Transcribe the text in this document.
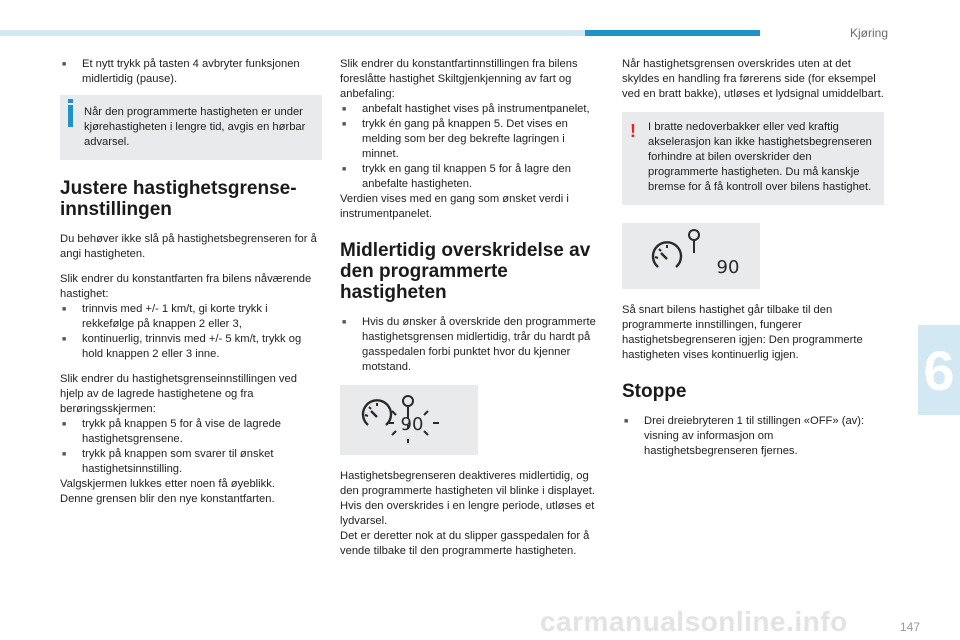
Kjøring
6

■ Et nytt trykk på tasten 4 avbryter funksjonen midlertidig (pause).

Når den programmerte hastigheten er under kjørehastigheten i lengre tid, avgis en hørbar advarsel.
Justere hastighetsgrense-innstillingen

Du behøver ikke slå på hastighetsbegrenseren for å angi hastigheten.

Slik endrer du konstantfarten fra bilens nåværende hastighet:

■ trinnvis med +/- 1 km/t, gi korte trykk i rekkefølge på knappen 2 eller 3,

■ kontinuerlig, trinnvis med +/- 5 km/t, trykk og hold knappen 2 eller 3 inne.

Slik endrer du hastighetsgrenseinnstillingen ved hjelp av de lagrede hastighetene og fra berøringsskjermen:

■ trykk på knappen 5 for å vise de lagrede hastighetsgrensene.

■ trykk på knappen som svarer til ønsket hastighetsinnstilling.

Valgskjermen lukkes etter noen få øyeblikk.

Denne grensen blir den nye konstantfarten.

Slik endrer du konstantfartinnstillingen fra bilens foreslåtte hastighet Skiltgjenkjenning av fart og anbefaling:

■ anbefalt hastighet vises på instrumentpanelet,

■ trykk én gang på knappen 5. Det vises en melding som ber deg bekrefte lagringen i minnet.

■ trykk en gang til knappen 5 for å lagre den anbefalte hastigheten.

Verdien vises med en gang som ønsket verdi i instrumentpanelet.

Midlertidig overskridelse av den programmerte hastigheten

■ Hvis du ønsker å overskride den programmerte hastighetsgrensen midlertidig, trår du hardt på gasspedalen forbi punktet hvor du kjenner motstand.

90

Hastighetsbegrenseren deaktiveres midlertidig, og den programmerte hastigheten vil blinke i displayet.

Hvis den overskrides i en lengre periode, utløses et lydvarsel.

Det er deretter nok at du slipper gasspedalen for å vende tilbake til den programmerte hastigheten.

Når hastighetsgrensen overskrides uten at det skyldes en handling fra førerens side (for eksempel ved en bratt bakke), utløses et lydsignal umiddelbart.

! I bratte nedoverbakker eller ved kraftig akselerasjon kan ikke hastighetsbegrenseren forhindre at bilen overskrider den programmerte hastigheten. Du må kanskje bremse for å få kontroll over bilens hastighet.
90

Så snart bilens hastighet går tilbake til den programmerte innstillingen, fungerer hastighetsbegrenseren igjen: Den programmerte hastigheten vises kontinuerlig igjen.

Stoppe

■ Drei dreiebryteren 1 til stillingen «OFF» (av): visning av informasjon om hastighetsbegrenseren fjernes.

carmanualsonline.info	147
